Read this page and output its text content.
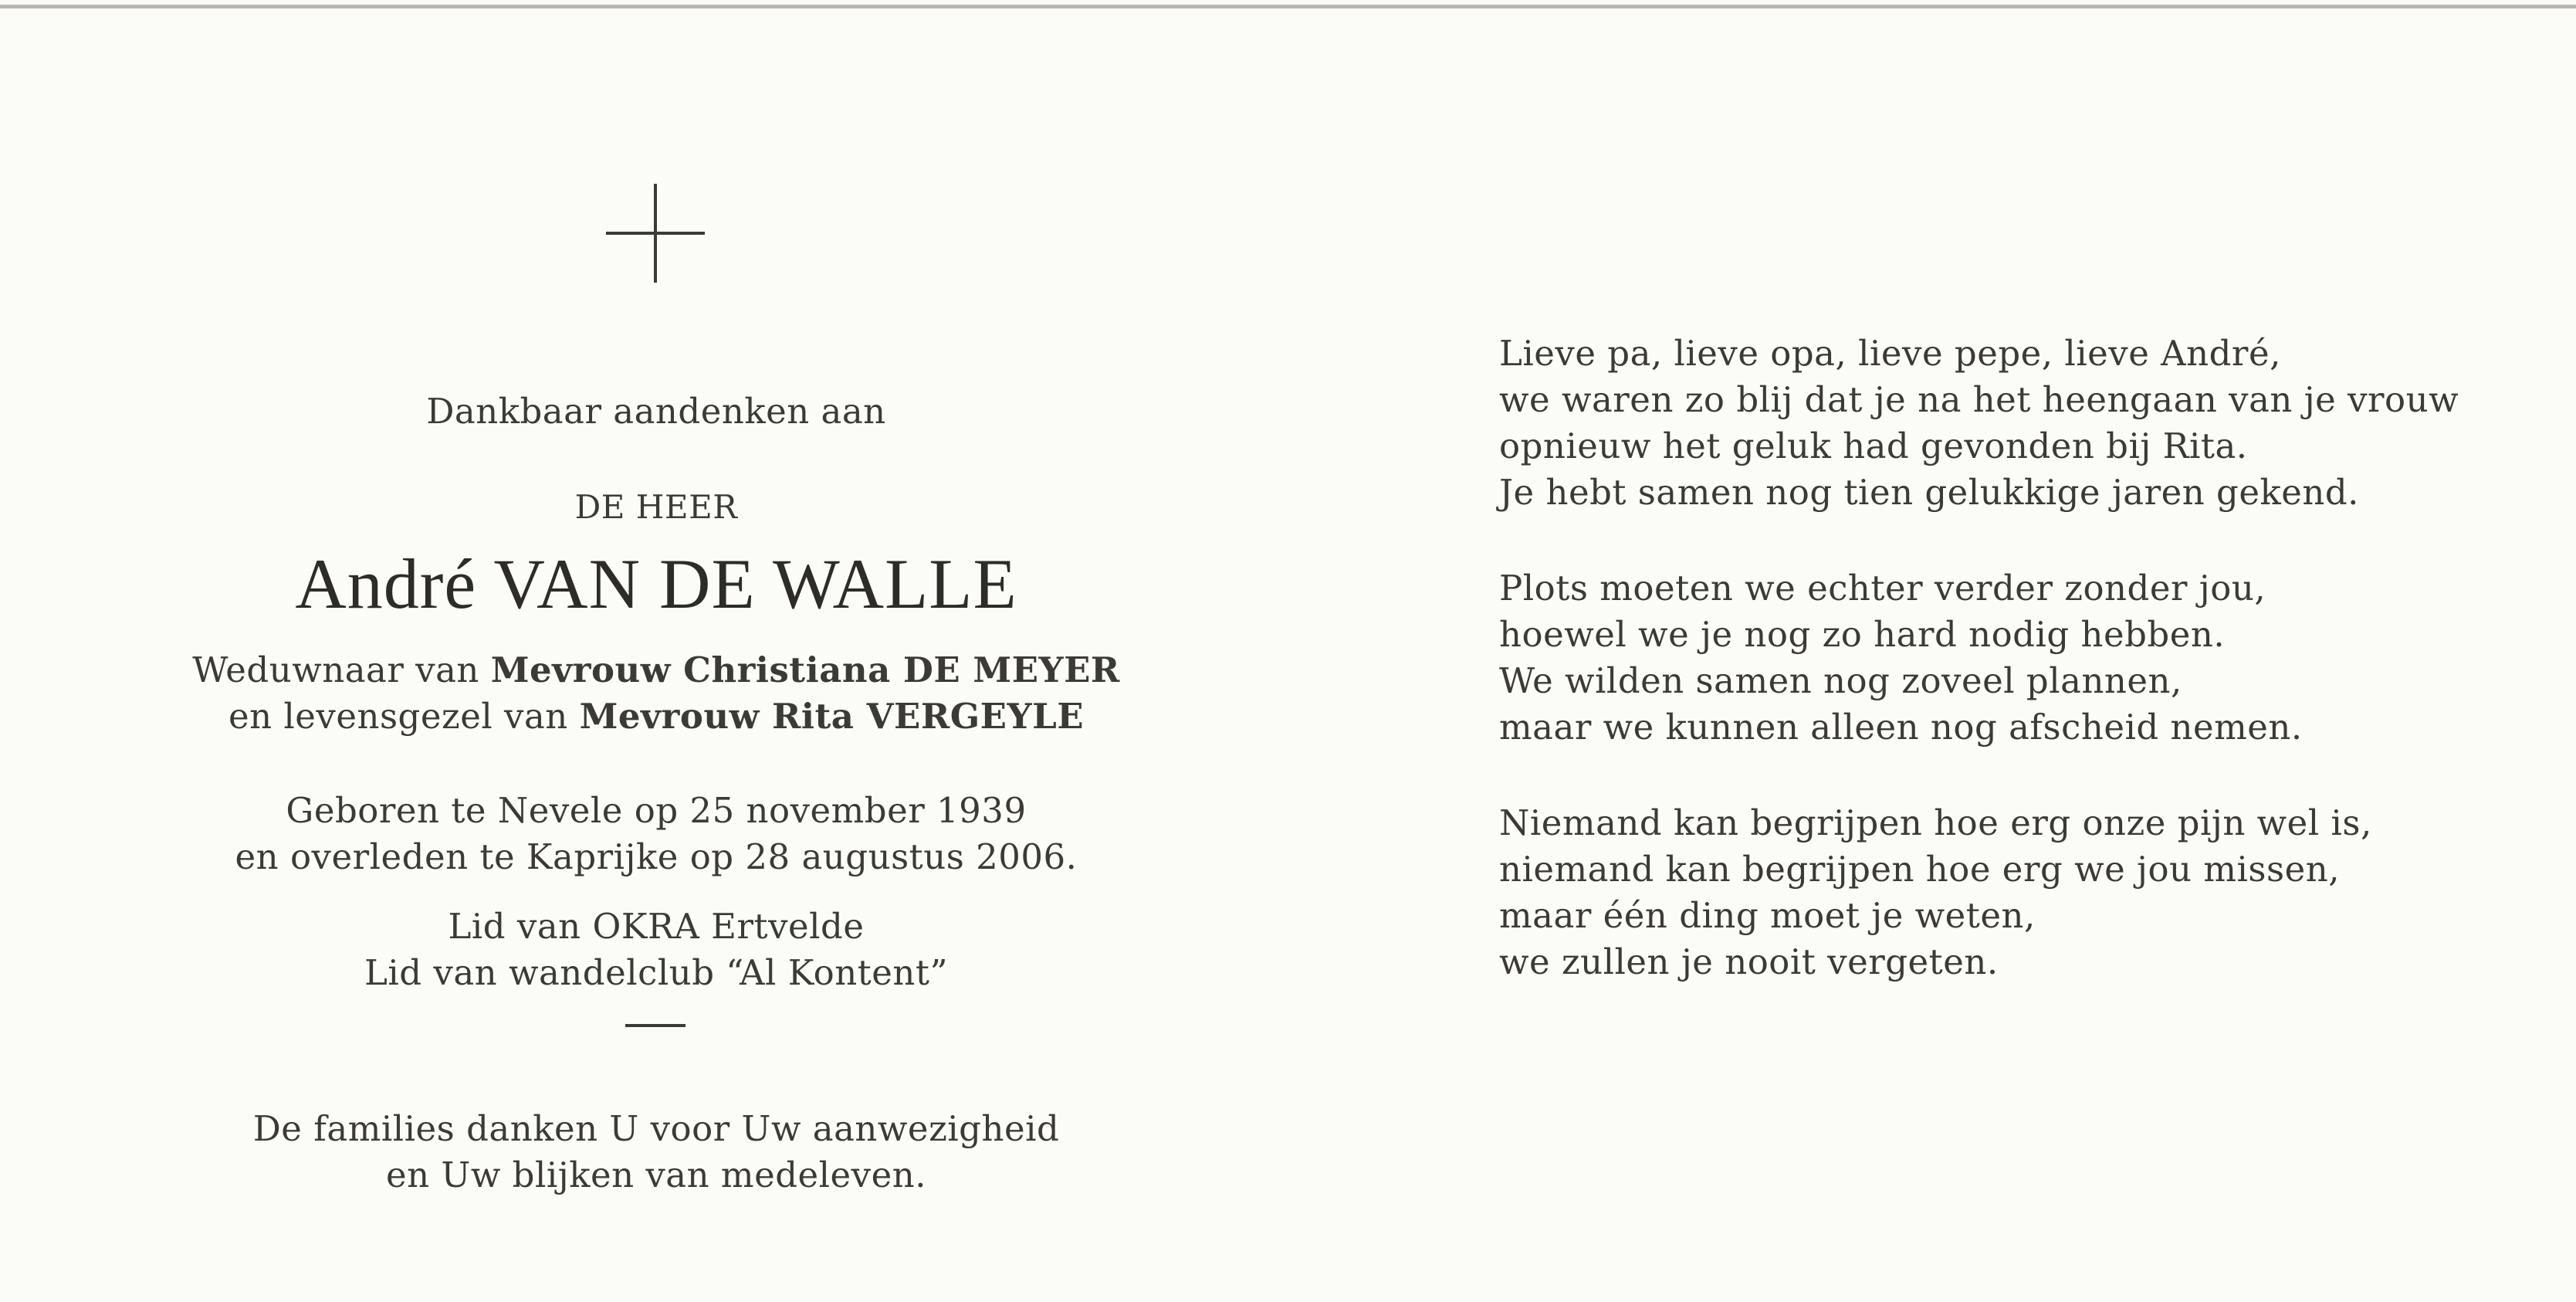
Dankbaar aandenken aan
DE HEER
André VAN DE WALLE
Weduwnaar van Mevrouw Christiana DE MEYER
en levensgezel van Mevrouw Rita VERGEYLE
Geboren te Nevele op 25 november 1939
en overleden te Kaprijke op 28 augustus 2006.
Lid van OKRA Ertvelde
Lid van wandelclub “Al Kontent”
De families danken U voor Uw aanwezigheid
en Uw blijken van medeleven.
Lieve pa, lieve opa, lieve pepe, lieve André,
we waren zo blij dat je na het heengaan van je vrouw
opnieuw het geluk had gevonden bij Rita.
Je hebt samen nog tien gelukkige jaren gekend.
Plots moeten we echter verder zonder jou,
hoewel we je nog zo hard nodig hebben.
We wilden samen nog zoveel plannen,
maar we kunnen alleen nog afscheid nemen.
Niemand kan begrijpen hoe erg onze pijn wel is,
niemand kan begrijpen hoe erg we jou missen,
maar één ding moet je weten,
we zullen je nooit vergeten.
